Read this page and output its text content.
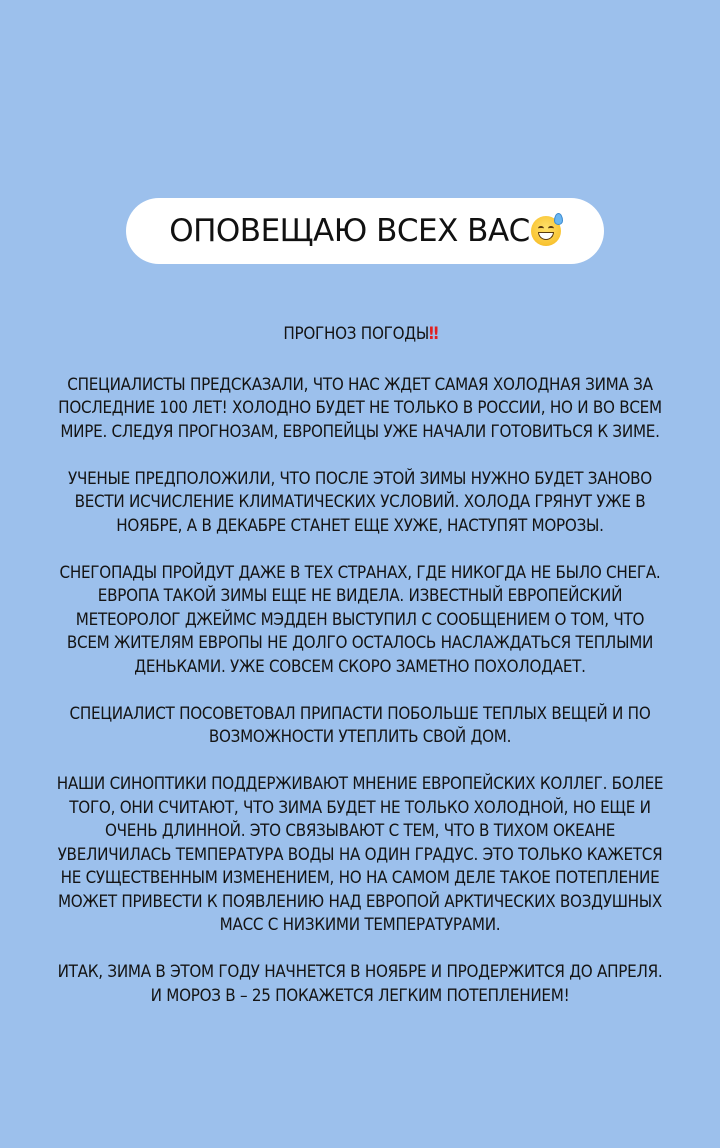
ОПОВЕЩАЮ ВСЕХ ВАС
ПРОГНОЗ ПОГОДЫ‼
СПЕЦИАЛИСТЫ ПРЕДСКАЗАЛИ, ЧТО НАС ЖДЕТ САМАЯ ХОЛОДНАЯ ЗИМА ЗА ПОСЛЕДНИЕ 100 ЛЕТ! ХОЛОДНО БУДЕТ НЕ ТОЛЬКО В РОССИИ, НО И ВО ВСЕМ МИРЕ. СЛЕДУЯ ПРОГНОЗАМ, ЕВРОПЕЙЦЫ УЖЕ НАЧАЛИ ГОТОВИТЬСЯ К ЗИМЕ.
УЧЕНЫЕ ПРЕДПОЛОЖИЛИ, ЧТО ПОСЛЕ ЭТОЙ ЗИМЫ НУЖНО БУДЕТ ЗАНОВО ВЕСТИ ИСЧИСЛЕНИЕ КЛИМАТИЧЕСКИХ УСЛОВИЙ. ХОЛОДА ГРЯНУТ УЖЕ В НОЯБРЕ, А В ДЕКАБРЕ СТАНЕТ ЕЩЕ ХУЖЕ, НАСТУПЯТ МОРОЗЫ.
СНЕГОПАДЫ ПРОЙДУТ ДАЖЕ В ТЕХ СТРАНАХ, ГДЕ НИКОГДА НЕ БЫЛО СНЕГА. ЕВРОПА ТАКОЙ ЗИМЫ ЕЩЕ НЕ ВИДЕЛА. ИЗВЕСТНЫЙ ЕВРОПЕЙСКИЙ МЕТЕОРОЛОГ ДЖЕЙМС МЭДДЕН ВЫСТУПИЛ С СООБЩЕНИЕМ О ТОМ, ЧТО ВСЕМ ЖИТЕЛЯМ ЕВРОПЫ НЕ ДОЛГО ОСТАЛОСЬ НАСЛАЖДАТЬСЯ ТЕПЛЫМИ ДЕНЬКАМИ. УЖЕ СОВСЕМ СКОРО ЗАМЕТНО ПОХОЛОДАЕТ.
СПЕЦИАЛИСТ ПОСОВЕТОВАЛ ПРИПАСТИ ПОБОЛЬШЕ ТЕПЛЫХ ВЕЩЕЙ И ПО ВОЗМОЖНОСТИ УТЕПЛИТЬ СВОЙ ДОМ.
НАШИ СИНОПТИКИ ПОДДЕРЖИВАЮТ МНЕНИЕ ЕВРОПЕЙСКИХ КОЛЛЕГ. БОЛЕЕ ТОГО, ОНИ СЧИТАЮТ, ЧТО ЗИМА БУДЕТ НЕ ТОЛЬКО ХОЛОДНОЙ, НО ЕЩЕ И ОЧЕНЬ ДЛИННОЙ. ЭТО СВЯЗЫВАЮТ С ТЕМ, ЧТО В ТИХОМ ОКЕАНЕ УВЕЛИЧИЛАСЬ ТЕМПЕРАТУРА ВОДЫ НА ОДИН ГРАДУС. ЭТО ТОЛЬКО КАЖЕТСЯ НЕ СУЩЕСТВЕННЫМ ИЗМЕНЕНИЕМ, НО НА САМОМ ДЕЛЕ ТАКОЕ ПОТЕПЛЕНИЕ МОЖЕТ ПРИВЕСТИ К ПОЯВЛЕНИЮ НАД ЕВРОПОЙ АРКТИЧЕСКИХ ВОЗДУШНЫХ МАСС С НИЗКИМИ ТЕМПЕРАТУРАМИ.
ИТАК, ЗИМА В ЭТОМ ГОДУ НАЧНЕТСЯ В НОЯБРЕ И ПРОДЕРЖИТСЯ ДО АПРЕЛЯ. И МОРОЗ В – 25 ПОКАЖЕТСЯ ЛЕГКИМ ПОТЕПЛЕНИЕМ!
